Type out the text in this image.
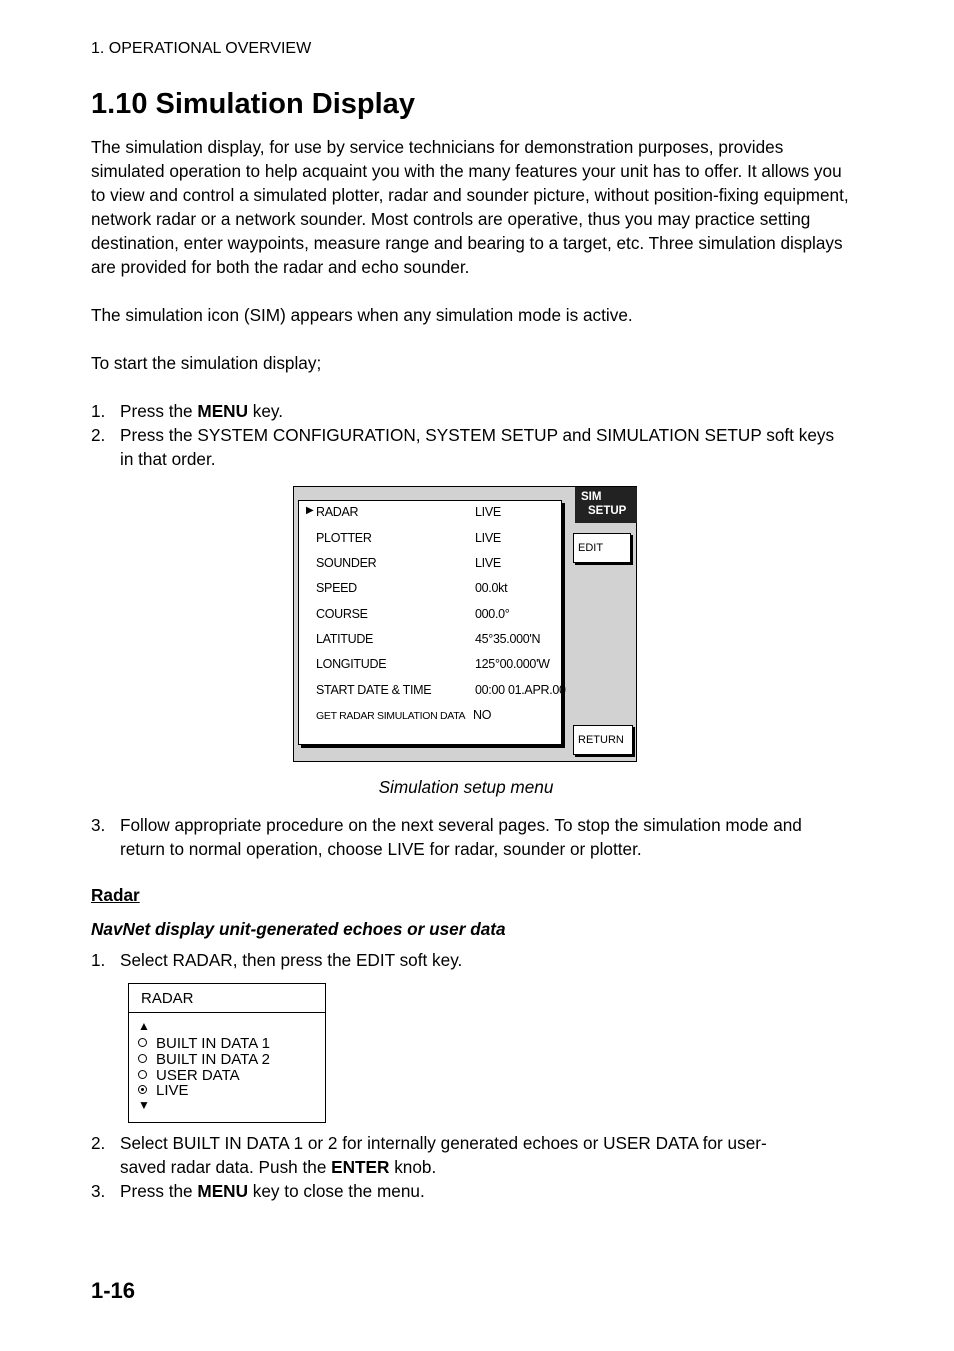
1. OPERATIONAL OVERVIEW
1.10 Simulation Display

The simulation display, for use by service technicians for demonstration purposes, provides simulated operation to help acquaint you with the many features your unit has to offer. It allows you to view and control a simulated plotter, radar and sounder picture, without position-fixing equipment, network radar or a network sounder. Most controls are operative, thus you may practice setting destination, enter waypoints, measure range and bearing to a target, etc. Three simulation displays are provided for both the radar and echo sounder.

The simulation icon (SIM) appears when any simulation mode is active.

To start the simulation display;

1. Press the MENU key.

2. Press the SYSTEM CONFIGURATION, SYSTEM SETUP and SIMULATION SETUP soft keys in that order.

▶ RADAR	LIVE
PLOTTER	LIVE
SOUNDER	LIVE
SPEED	00.0kt
COURSE	000.0°
LATITUDE	45°35.000'N
LONGITUDE	125°00.000'W
START DATE & TIME	00:00 01.APR.00
GET RADAR SIMULATION DATA NO
SIM
SETUP
EDIT
RETURN
Simulation setup menu
3. Follow appropriate procedure on the next several pages. To stop the simulation mode and return to normal operation, choose LIVE for radar, sounder or plotter.

Radar
NavNet display unit-generated echoes or user data
1. Select RADAR, then press the EDIT soft key.

RADAR
▲
BUILT IN DATA 1
BUILT IN DATA 2
USER DATA
LIVE
▼
2. Select BUILT IN DATA 1 or 2 for internally generated echoes or USER DATA for user-saved radar data. Push the ENTER knob.

3. Press the MENU key to close the menu.

1-16
